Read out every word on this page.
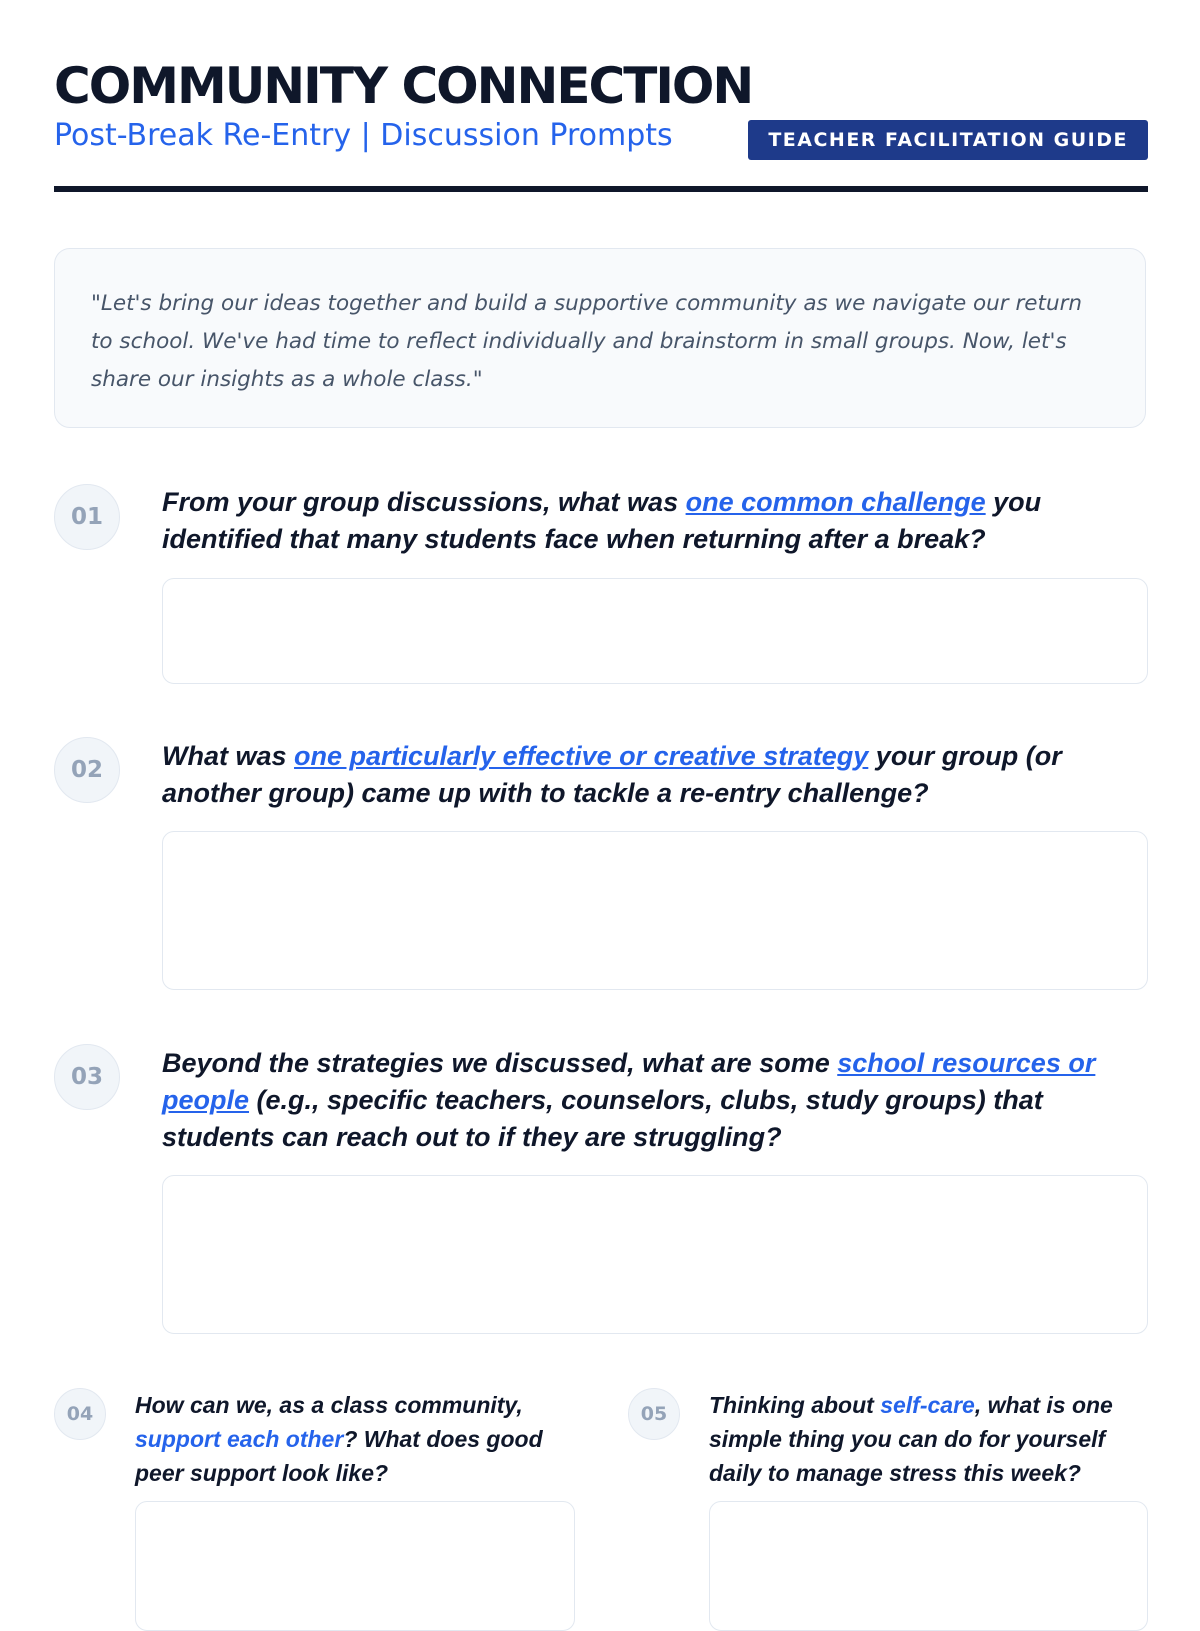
COMMUNITY CONNECTION
Post-Break Re-Entry | Discussion Prompts	TEACHER FACILITATION GUIDE

"Let's bring our ideas together and build a supportive community as we navigate our return to school. We've had time to reflect individually and brainstorm in small groups. Now, let's share our insights as a whole class."

01	From your group discussions, what was one common challenge you identified that many students face when returning after a break?

02	What was one particularly effective or creative strategy your group (or another group) came up with to tackle a re-entry challenge?

03	Beyond the strategies we discussed, what are some school resources or people (e.g., specific teachers, counselors, clubs, study groups) that students can reach out to if they are struggling?

04	How can we, as a class community, support each other? What does good peer support look like?

05	Thinking about self-care, what is one simple thing you can do for yourself daily to manage stress this week?
